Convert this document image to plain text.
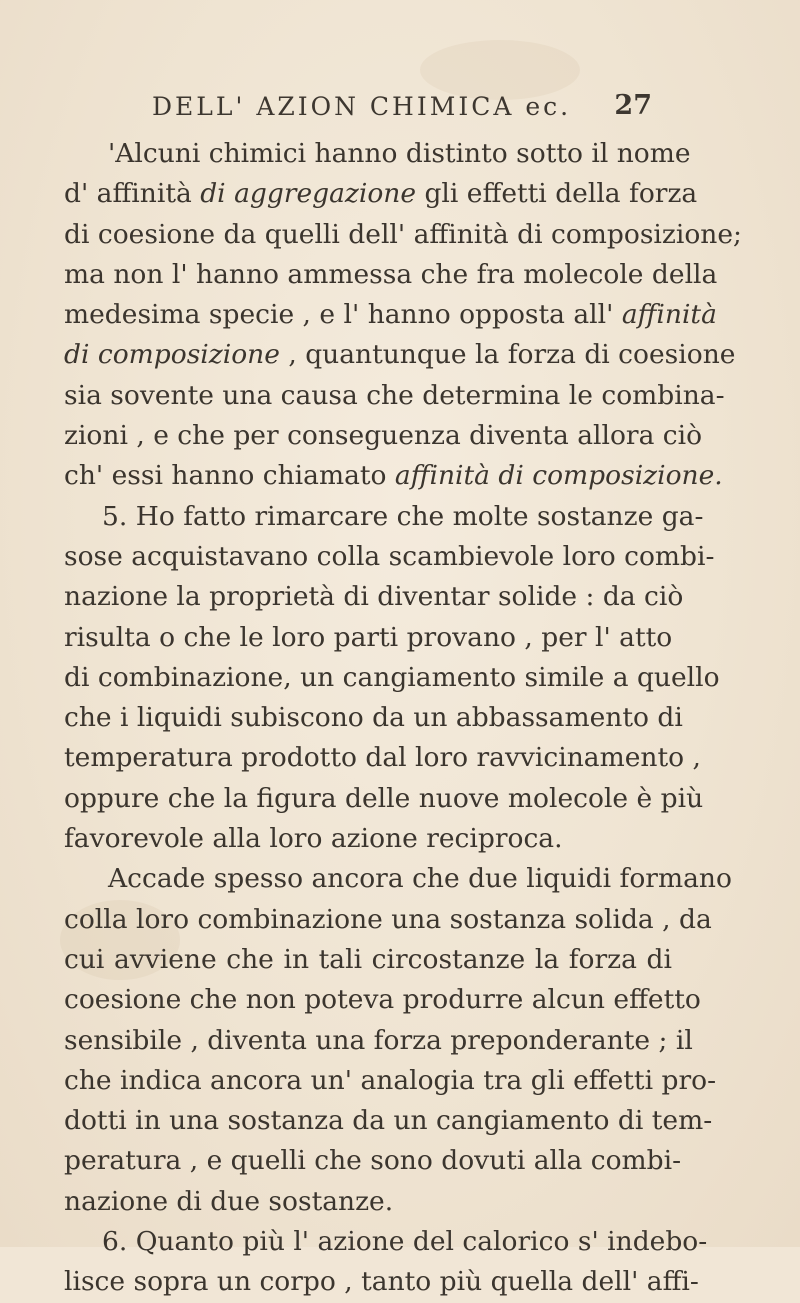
DELL' AZION CHIMICA ec. 27
'Alcuni chimici hanno distinto sotto il nome
d' affinità di aggregazione gli effetti della forza
di coesione da quelli dell' affinità di composizione;
ma non l' hanno ammessa che fra molecole della
medesima specie , e l' hanno opposta all' affinità
di composizione , quantunque la forza di coesione
sia sovente una causa che determina le combina-
zioni , e che per conseguenza diventa allora ciò
ch' essi hanno chiamato affinità di composizione.
5. Ho fatto rimarcare che molte sostanze ga-
sose acquistavano colla scambievole loro combi-
nazione la proprietà di diventar solide : da ciò
risulta o che le loro parti provano , per l' atto
di combinazione, un cangiamento simile a quello
che i liquidi subiscono da un abbassamento di
temperatura prodotto dal loro ravvicinamento ,
oppure che la figura delle nuove molecole è più
favorevole alla loro azione reciproca.
Accade spesso ancora che due liquidi formano
colla loro combinazione una sostanza solida , da
cui avviene che in tali circostanze la forza di
coesione che non poteva produrre alcun effetto
sensibile , diventa una forza preponderante ; il
che indica ancora un' analogia tra gli effetti pro-
dotti in una sostanza da un cangiamento di tem-
peratura , e quelli che sono dovuti alla combi-
nazione di due sostanze.
6. Quanto più l' azione del calorico s' indebo-
lisce sopra un corpo , tanto più quella dell' affi-
